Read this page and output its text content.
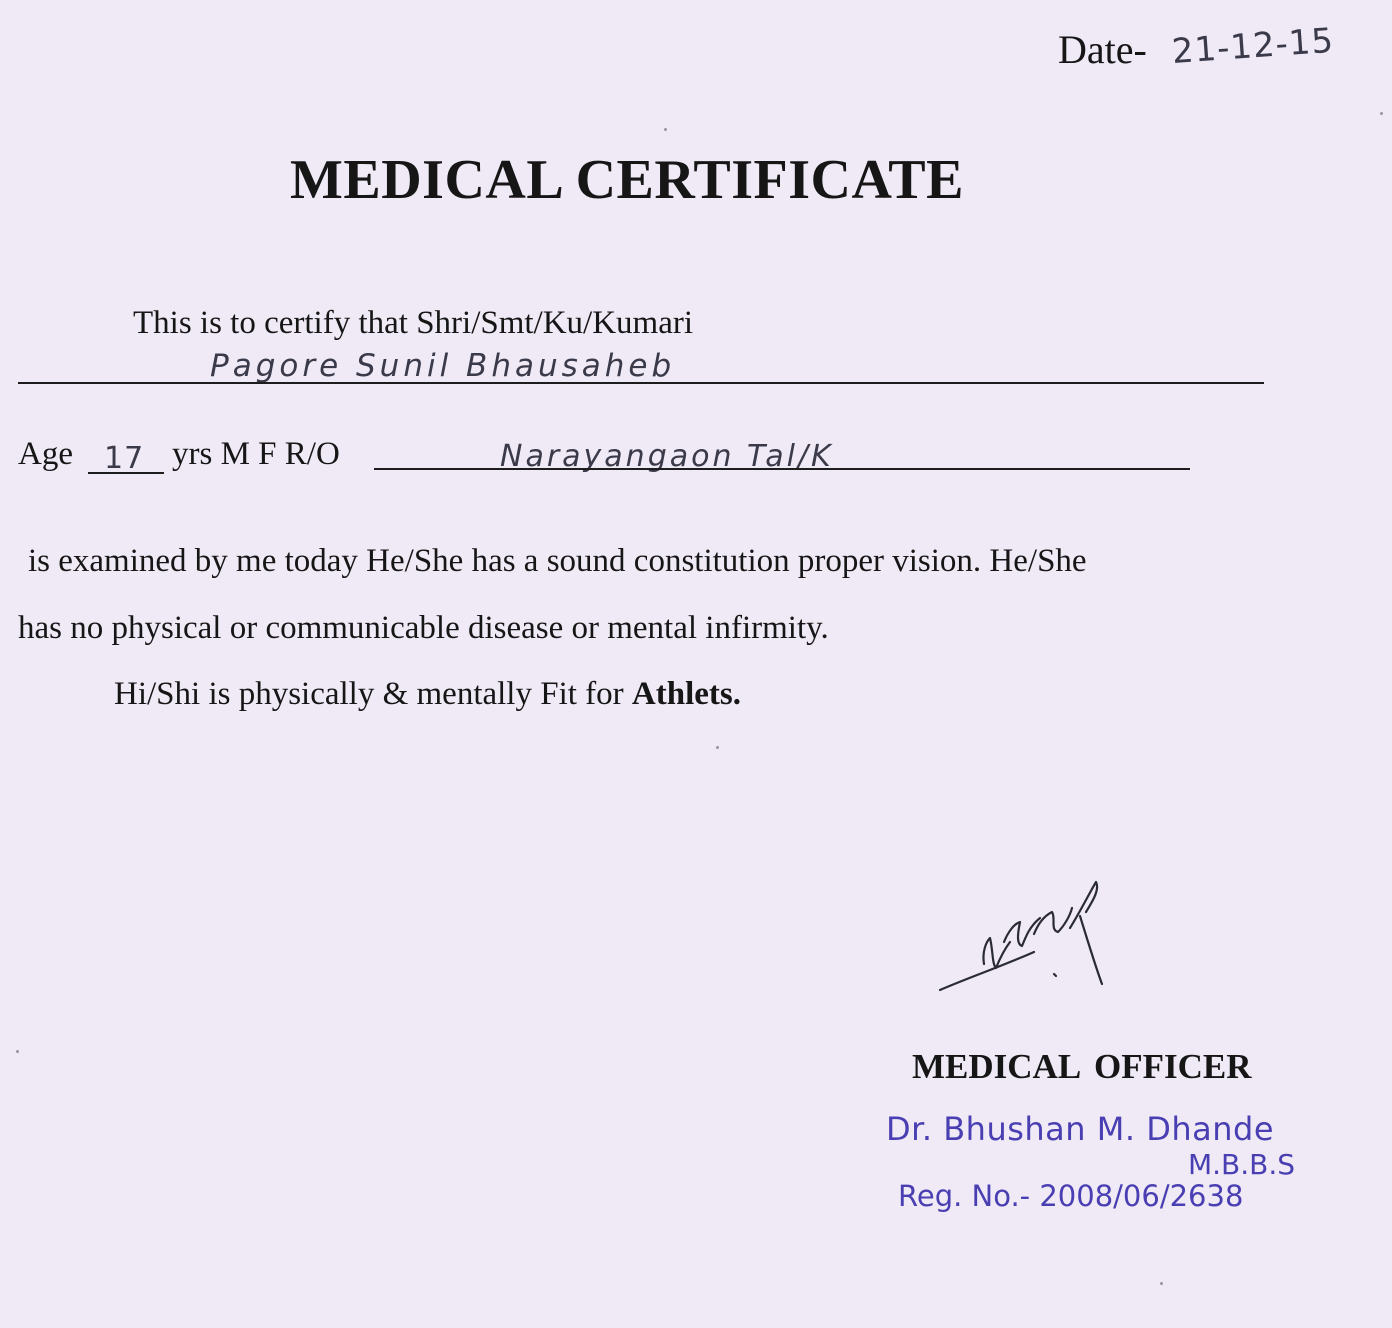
Date- 21-12-15
MEDICAL CERTIFICATE
This is to certify that Shri/Smt/Ku/Kumari
Pagore Sunil Bhausaheb
Age 17 yrs M F R/O	Narayangaon Tal/K
is examined by me today He/She has a sound constitution proper vision. He/She
has no physical or communicable disease or mental infirmity.
Hi/Shi is physically & mentally Fit for Athlets.
MEDICAL OFFICER
Dr. Bhushan M. Dhande
M.B.B.S
Reg. No.- 2008/06/2638
